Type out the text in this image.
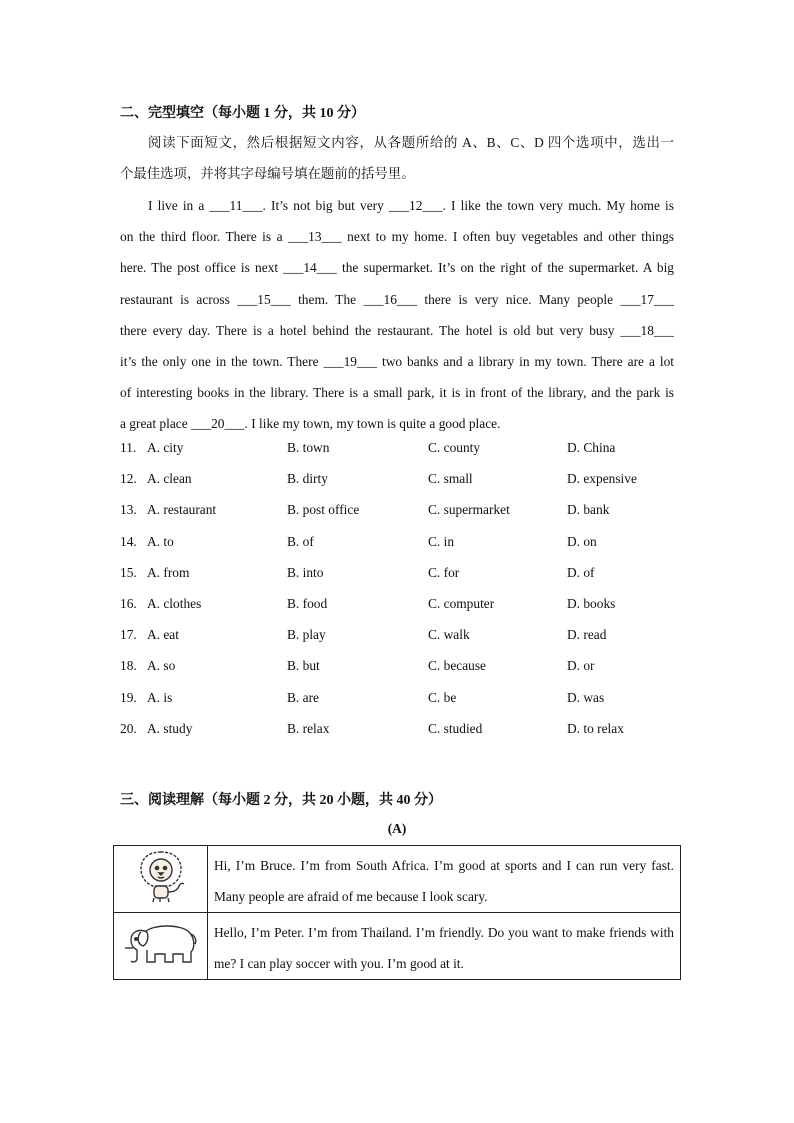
二、完型填空（每小题 1 分，共 10 分）
阅读下面短文，然后根据短文内容，从各题所给的 A、B、C、D 四个选项中，选出一
个最佳选项，并将其字母编号填在题前的括号里。
I live in a ___11___. It’s not big but very ___12___. I like the town very much. My home is
on the third floor. There is a ___13___ next to my home. I often buy vegetables and other things
here. The post office is next ___14___ the supermarket. It’s on the right of the supermarket. A big
restaurant is across ___15___ them. The ___16___ there is very nice. Many people ___17___
there every day. There is a hotel behind the restaurant. The hotel is old but very busy ___18___
it’s the only one in the town. There ___19___ two banks and a library in my town. There are a lot
of interesting books in the library. There is a small park, it is in front of the library, and the park is
a great place ___20___. I like my town, my town is quite a good place.
11. A. city	B. town	C. county	D. China
12. A. clean	B. dirty	C. small	D. expensive
13. A. restaurant	B. post office	C. supermarket	D. bank
14. A. to	B. of	C. in	D. on
15. A. from	B. into	C. for	D. of
16. A. clothes	B. food	C. computer	D. books
17. A. eat	B. play	C. walk	D. read
18. A. so	B. but	C. because	D. or
19. A. is	B. are	C. be	D. was
20. A. study	B. relax	C. studied	D. to relax
三、阅读理解（每小题 2 分，共 20 小题，共 40 分）
(A)
	Hi, I’m Bruce. I’m from South Africa. I’m good at sports and I can run very fast. Many people are afraid of me because I look scary.

	Hello, I’m Peter. I’m from Thailand. I’m friendly. Do you want to make friends with me? I can play soccer with you. I’m good at it.
